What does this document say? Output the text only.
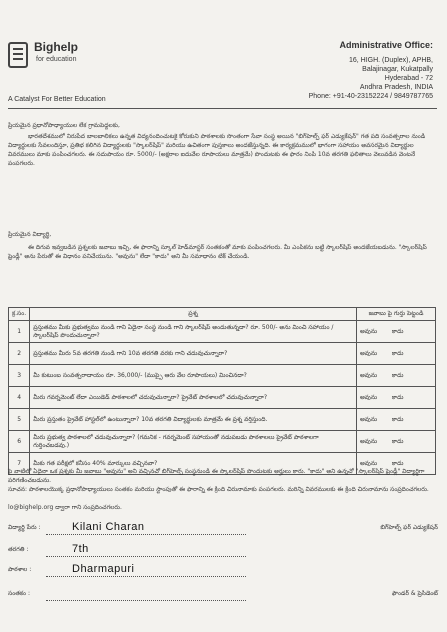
Bighelp
for education
A Catalyst For Better Education
Administrative Office:
16, HIGH. (Duplex), APHB,
Balajinagar, Kukatpally
Hyderabad - 72
Andhra Pradesh, INDIA
Phone: +91-40-23152224 / 9849787765
ప్రియమైన ప్రధానోపాధ్యాయుల లేక గ్రామపెద్దలకు,
భారతదేశములో నిరుపేద బాలబాలికలు ఉన్నత విద్యనందించుటకై కోరుకుని పాఠశాలకు సొంతంగా సేవా సంస్థ అయిన "బిగ్‌హెల్ప్ ఫర్ ఎడ్యుకేషన్" గత పది సంవత్సరాల నుండి విద్యార్థులకు సేవలందిస్తూ, ప్రతిభ కలిగిన విద్యార్థులకు "స్కాలర్‌షిప్" మరియు ఉచితంగా పుస్తకాలు అందజేస్తున్నది. ఈ కార్యక్రమములో భాగంగా సహాయం అవసరమైన విద్యార్థుల వివరములు మాకు పంపించగలరు. ఈ సదుపాయం రూ. 5000/- (అక్షరాల ఐదువేల రూపాయలు మాత్రమే) పొందుటకు ఈ ఫారం నింపి 10వ తరగతి ఫలితాలు వెలువడిన వెంటనే పంపగలరు.
ప్రియమైన విద్యార్థి,
ఈ దిగువ ఇవ్వబడిన ప్రశ్నలకు జవాబు ఇచ్చి, ఈ ఫారాన్ని స్కూల్ హెడ్‌మాస్టర్ సంతకంతో మాకు పంపించగలరు. మీ ఎంపికను బట్టి స్కాలర్‌షిప్ అందజేయబడును. "స్కాలర్‌షిప్ ఫ్రెండ్లీ" అను పేరుతో ఈ విధానం పనిచేయును. "అవును" లేదా "కాదు" అని మీ సమాధానం టిక్ చేయండి.
క్ర.సం.	ప్రశ్న	జవాబు పై గుర్తు పెట్టండి
1	ప్రస్తుతము మీకు ప్రభుత్వము నుండి గాని ఏదైనా సంస్థ నుండి గాని స్కాలర్‌షిప్ అందుతున్నదా? రూ. 500/- అను మించి సహాయం / స్కాలర్‌షిప్ పొందుచున్నారా?	అవును కాదు
2	ప్రస్తుతము మీరు 5వ తరగతి నుండి గాని 10వ తరగతి వరకు గాని చదువుచున్నారా?	అవును కాదు
3	మీ కుటుంబ సంవత్సరాదాయం రూ. 36,000/- (ముప్పై ఆరు వేల రూపాయలు) మించినదా?	అవును కాదు
4	మీరు గవర్నమెంట్ లేదా ఎయిడెడ్ పాఠశాలలో చదువుచున్నారా? ప్రైవేట్ పాఠశాలలో చదువుచున్నారా?	అవును కాదు
5	మీరు ప్రస్తుతం ప్రైవేట్ హాస్టల్‌లో ఉంటున్నారా? 10వ తరగతి విద్యార్థులకు మాత్రమే ఈ ప్రశ్న వర్తిస్తుంది.	అవును కాదు
6	మీరు ప్రభుత్వ పాఠశాలలో చదువుచున్నారా? (గమనిక - గవర్నమెంట్ సహాయంతో నడుపబడు పాఠశాలలు ప్రైవేట్ పాఠశాలగా గుర్తించబడవు.)	అవును కాదు
7	మీకు గత పరీక్షలో కనీసం 40% మార్కులు వచ్చినవా?	అవును కాదు
పై వాటిలో ఏదైనా ఒక ప్రశ్నకు మీ జవాబు "అవును" అని వచ్చినచో బిగ్‌హెల్ప్ సంస్థనుండి ఈ స్కాలర్‌షిప్ పొందుటకు అర్హులు కారు. "కాదు" అని ఉన్నచో "స్కాలర్‌షిప్ ఫ్రెండ్లీ" విద్యార్థిగా పరిగణించబడును.
సూచన: పాఠశాలయొక్క ప్రధానోపాధ్యాయులు సంతకం మరియు స్టాంపుతో ఈ ఫారాన్ని ఈ క్రింది చిరునామాకు పంపగలరు. మరిన్ని వివరములకు ఈ క్రింది చిరునామాను సంప్రదించగలరు.
lo@bighelp.org ద్వారా గాని సంప్రదించగలరు.
విద్యార్థి పేరు :	Kilani Charan	బిగ్‌హెల్ప్ ఫర్ ఎడ్యుకేషన్
తరగతి :	7th
పాఠశాల :	Dharmapuri
సంతకం :	ఫౌండర్ & ప్రెసిడెంట్
